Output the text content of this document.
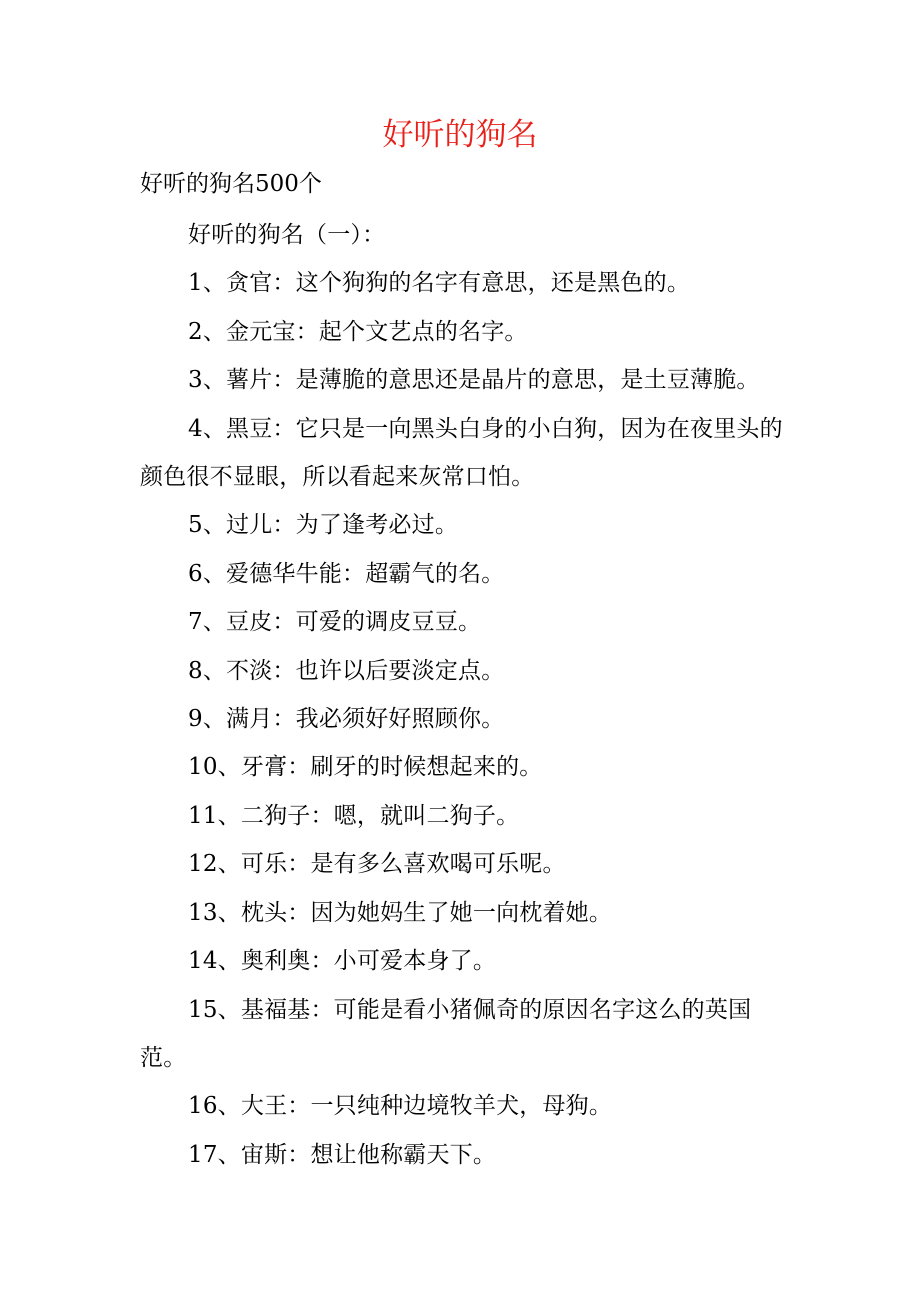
好听的狗名
好听的狗名500个

好听的狗名（一）：

1、贪官：这个狗狗的名字有意思，还是黑色的。

2、金元宝：起个文艺点的名字。

3、薯片：是薄脆的意思还是晶片的意思，是土豆薄脆。

4、黑豆：它只是一向黑头白身的小白狗，因为在夜里头的颜色很不显眼，所以看起来灰常口怕。

5、过儿：为了逢考必过。

6、爱德华牛能：超霸气的名。

7、豆皮：可爱的调皮豆豆。

8、不淡：也许以后要淡定点。

9、满月：我必须好好照顾你。

10、牙膏：刷牙的时候想起来的。

11、二狗子：嗯，就叫二狗子。

12、可乐：是有多么喜欢喝可乐呢。

13、枕头：因为她妈生了她一向枕着她。

14、奥利奥：小可爱本身了。

15、基福基：可能是看小猪佩奇的原因名字这么的英国范。

16、大王：一只纯种边境牧羊犬，母狗。

17、宙斯：想让他称霸天下。
